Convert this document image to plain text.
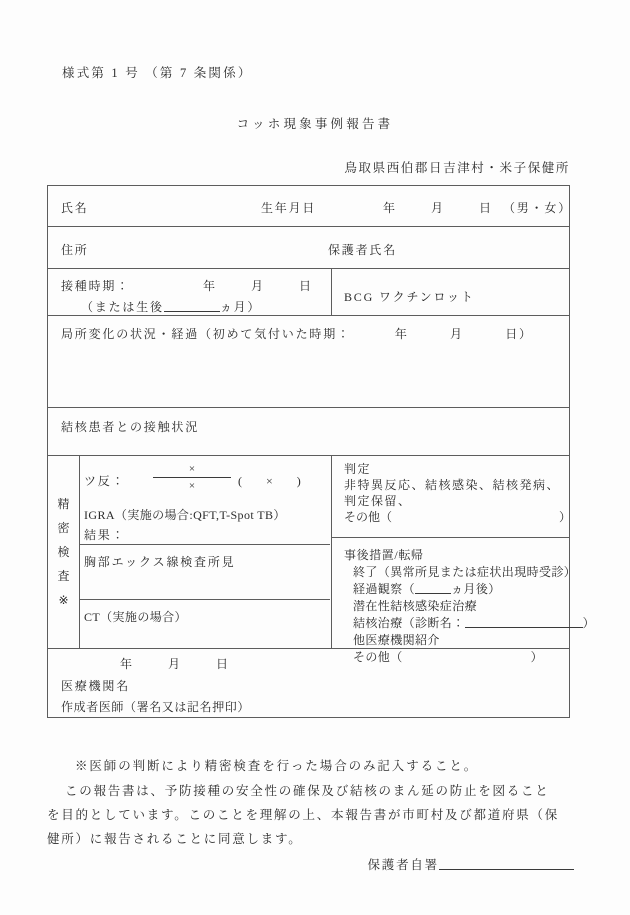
様式第 1 号 （第 7 条関係）
コッホ現象事例報告書
鳥取県西伯郡日吉津村・米子保健所
氏名	生年月日	年　　　月　　　日 （男・女）
住所	保護者氏名
接種時期：	年　　　月　　　日
（または生後	ヵ月）
BCG ワクチンロット
局所変化の状況・経過（初めて気付いた時期：	年　　　月　　　日）
結核患者との接触状況
精
密
検
査
※
ツ反：
×
×	(　　×　　)
IGRA（実施の場合:QFT,T-Spot TB）
結果：
胸部エックス線検査所見
CT（実施の場合）
判定
非特異反応、結核感染、結核発病、
判定保留、
その他（	）
事後措置/転帰
終了（異常所見または症状出現時受診）
経過観察（	ヵ月後）
潜在性結核感染症治療
結核治療（診断名：	）
他医療機関紹介
その他（	）
年　　　月　　　日
医療機関名
作成者医師（署名又は記名押印）
※医師の判断により精密検査を行った場合のみ記入すること。

この報告書は、予防接種の安全性の確保及び結核のまん延の防止を図ること

を目的としています。このことを理解の上、本報告書が市町村及び都道府県（保

健所）に報告されることに同意します。

保護者自署
